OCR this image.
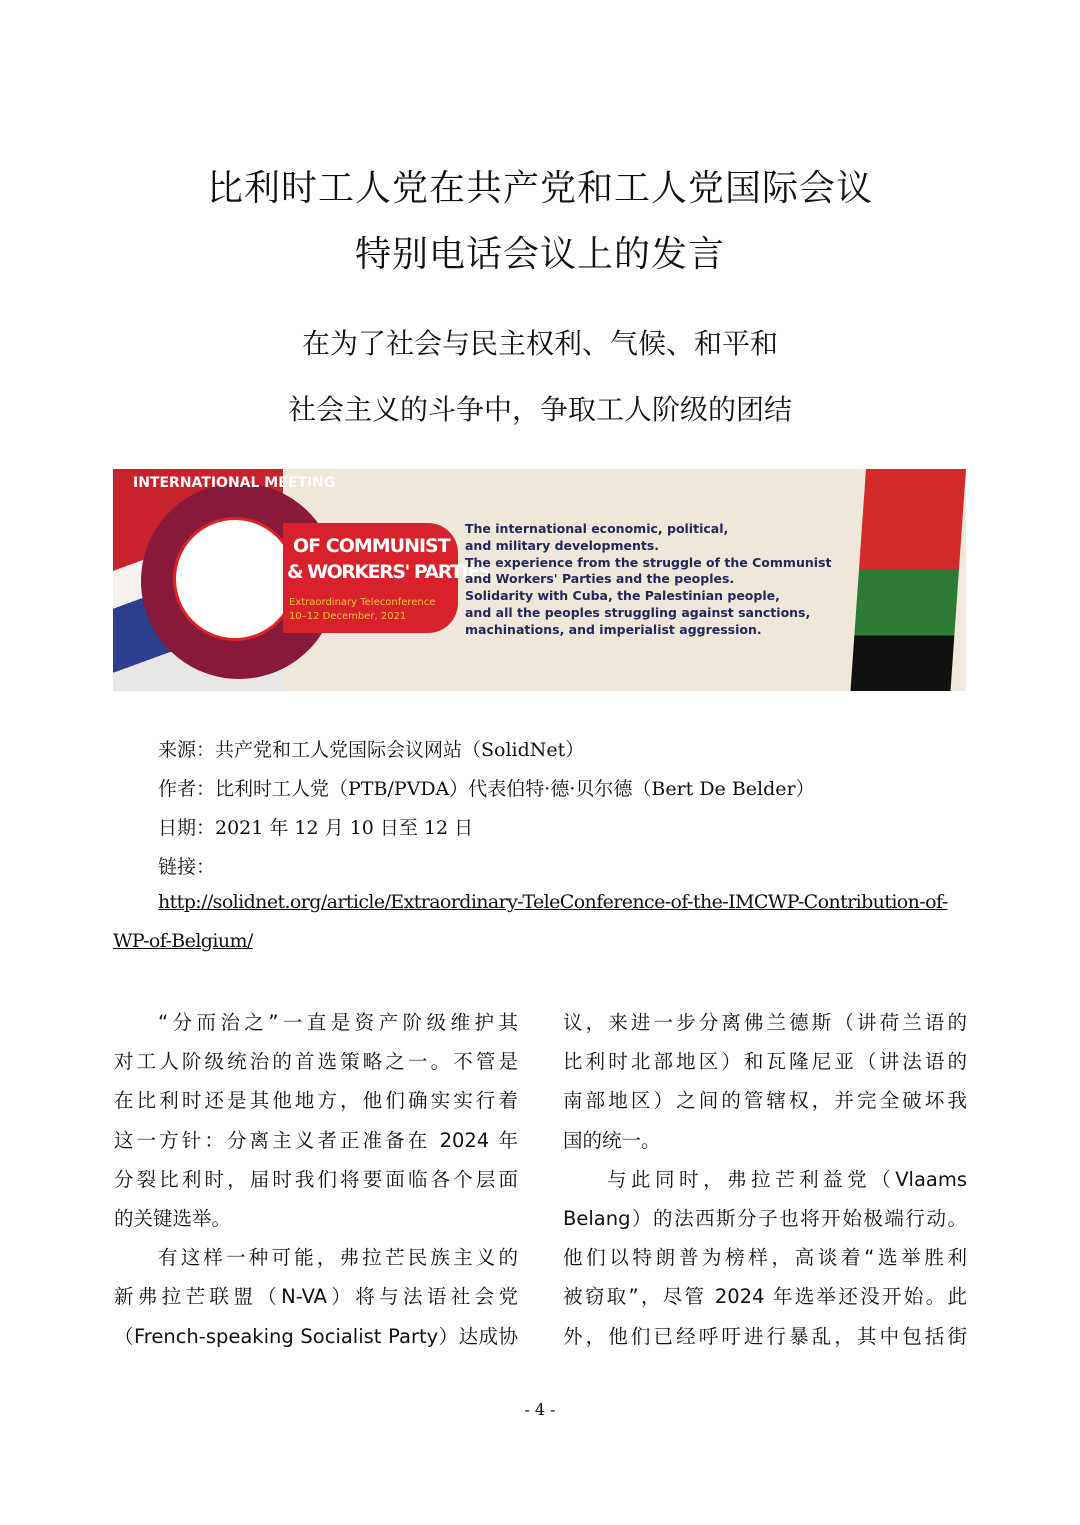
比利时工人党在共产党和工人党国际会议
特别电话会议上的发言
在为了社会与民主权利、气候、和平和
社会主义的斗争中，争取工人阶级的团结
INTERNATIONAL MEETING
OF COMMUNIST
& WORKERS' PARTIES
Extraordinary Teleconference
10–12 December, 2021
The international economic, political,
and military developments.
The experience from the struggle of the Communist
and Workers' Parties and the peoples.
Solidarity with Cuba, the Palestinian people,
and all the peoples struggling against sanctions,
machinations, and imperialist aggression.
来源：共产党和工人党国际会议网站（SolidNet）
作者：比利时工人党（PTB/PVDA）代表伯特·德·贝尔德（Bert De Belder）
日期：2021 年 12 月 10 日至 12 日
链接：
http://solidnet.org/article/Extraordinary-TeleConference-of-the-IMCWP-Contribution-of-
WP-of-Belgium/
“分而治之”一直是资产阶级维护其
对工人阶级统治的首选策略之一。不管是
在比利时还是其他地方，他们确实实行着
这一方针：分离主义者正准备在 2024 年
分裂比利时，届时我们将要面临各个层面
的关键选举。
有这样一种可能，弗拉芒民族主义的
新弗拉芒联盟（N-VA）将与法语社会党
（French-speaking Socialist Party）达成协
议，来进一步分离佛兰德斯（讲荷兰语的
比利时北部地区）和瓦隆尼亚（讲法语的
南部地区）之间的管辖权，并完全破坏我
国的统一。
与此同时，弗拉芒利益党（Vlaams
Belang）的法西斯分子也将开始极端行动。
他们以特朗普为榜样，高谈着“选举胜利
被窃取”，尽管 2024 年选举还没开始。此
外，他们已经呼吁进行暴乱，其中包括街
- 4 -
